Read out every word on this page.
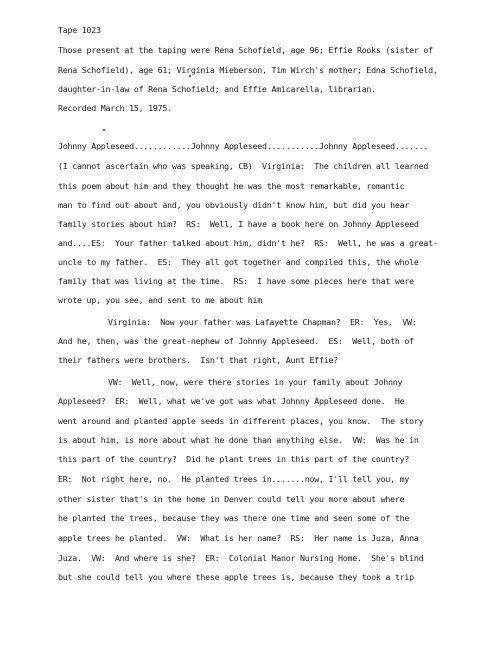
Tape 1023
Those present at the taping were Rena Schofield, age 96; Effie Rooks (sister of
Rena Schofield), age 61; Virginia Mieberson, Tim Wirch's mother; Edna Schofield,
daughter-in-law of Rena Schofield; and Effie Amicarella, librarian.
Recorded March 15, 1975.
Johnny Appleseed............Johnny Appleseed...........Johnny Appleseed.......
(I cannot ascertain who was speaking, CB)  Virginia:  The children all learned
this poem about him and they thought he was the most remarkable, romantic
man to find out about and, you obviously didn't know him, but did you hear
family stories about him?  RS:  Well, I have a book here on Johnny Appleseed
and....ES:  Your father talked about him, didn't he?  RS:  Well, he was a great-
uncle to my father.  ES:  They all got together and compiled this, the whole
family that was living at the time.  RS:  I have some pieces here that were
wrote up, you see, and sent to me about him
Virginia:  Now your father was Lafayette Chapman?  ER:  Yes.  VW:
And he, then, was the great-nephew of Johnny Appleseed.  ES:  Well, both of
their fathers were brothers.  Isn't that right, Aunt Effie?
VW:  Well, now, were there stories in your family about Johnny
Appleseed?  ER:  Well, what we've got was what Johnny Appleseed done.  He
went around and planted apple seeds in different places, you know.  The story
is about him, is more about what he done than anything else.  VW:  Was he in
this part of the country?  Did he plant trees in this part of the country?
ER:  Not right here, no.  He planted trees in.......now, I'll tell you, my
other sister that's in the home in Denver could tell you more about where
he planted the trees, because they was there one time and seen some of the
apple trees he planted.  VW:  What is her name?  RS:  Her name is Juza, Anna
Juza.  VW:  And where is she?  ER:  Colonial Manor Nursing Home.  She's blind
but she could tell you where these apple trees is, because they took a trip
